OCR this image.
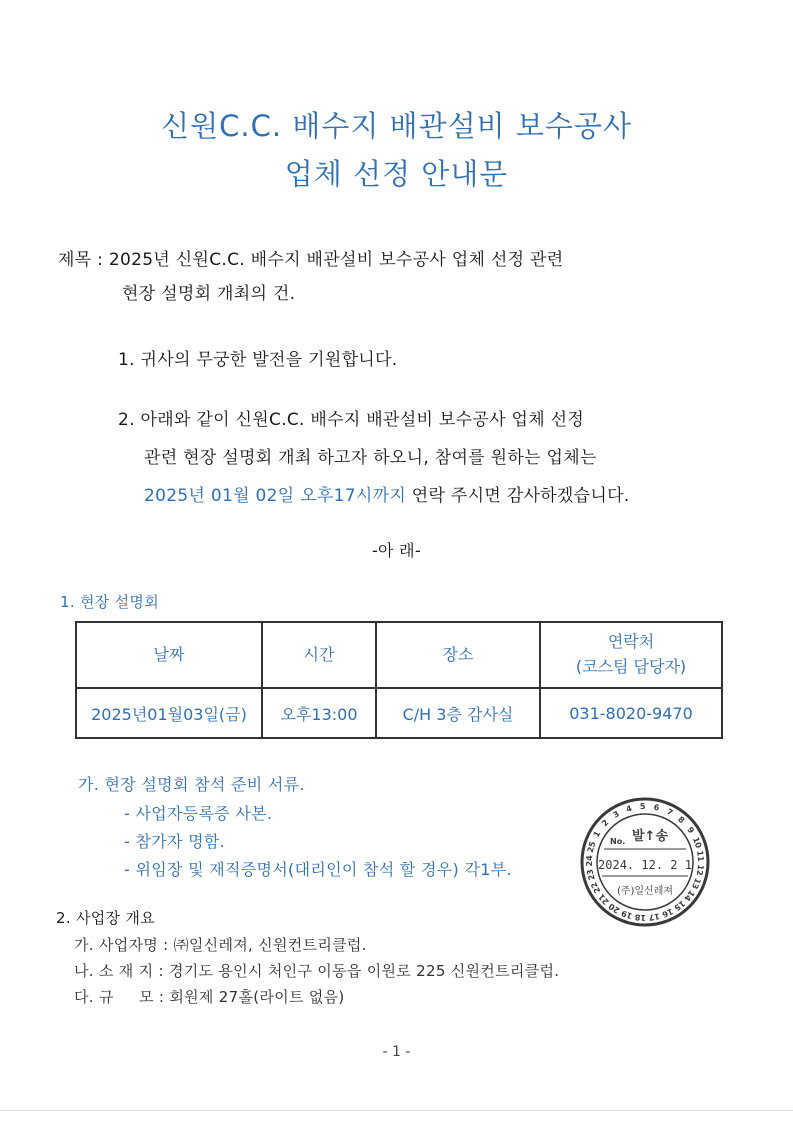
신원C.C. 배수지 배관설비 보수공사
업체 선정 안내문
제목 : 2025년 신원C.C. 배수지 배관설비 보수공사 업체 선정 관련
현장 설명회 개최의 건.
1. 귀사의 무궁한 발전을 기원합니다.
2. 아래와 같이 신원C.C. 배수지 배관설비 보수공사 업체 선정
관련 현장 설명회 개최 하고자 하오니, 참여를 원하는 업체는
2025년 01월 02일 오후17시까지 연락 주시면 감사하겠습니다.
-아 래-
1. 현장 설명회
날짜	시간	장소	연락처
(코스팀 담당자)

2025년01월03일(금)	오후13:00	C/H 3층 감사실	031-8020-9470
가. 현장 설명회 참석 준비 서류.
- 사업자등록증 사본.
- 참가자 명함.
- 위임장 및 재직증명서(대리인이 참석 할 경우) 각1부.
2. 사업장 개요
가. 사업자명 : ㈜일신레져, 신원컨트리클럽.
나. 소 재 지 : 경기도 용인시 처인구 이동읍 이원로 225 신원컨트리클럽.
다. 규     모 : 회원제 27홀(라이트 없음)
1
2
3
4 5 6 7
8
9
10
11
12
13
14
15
16
17
18
19
20
21
22
23
24
25
발↑송
No.
2024. 12. 2 1
(주)일신레져
- 1 -
